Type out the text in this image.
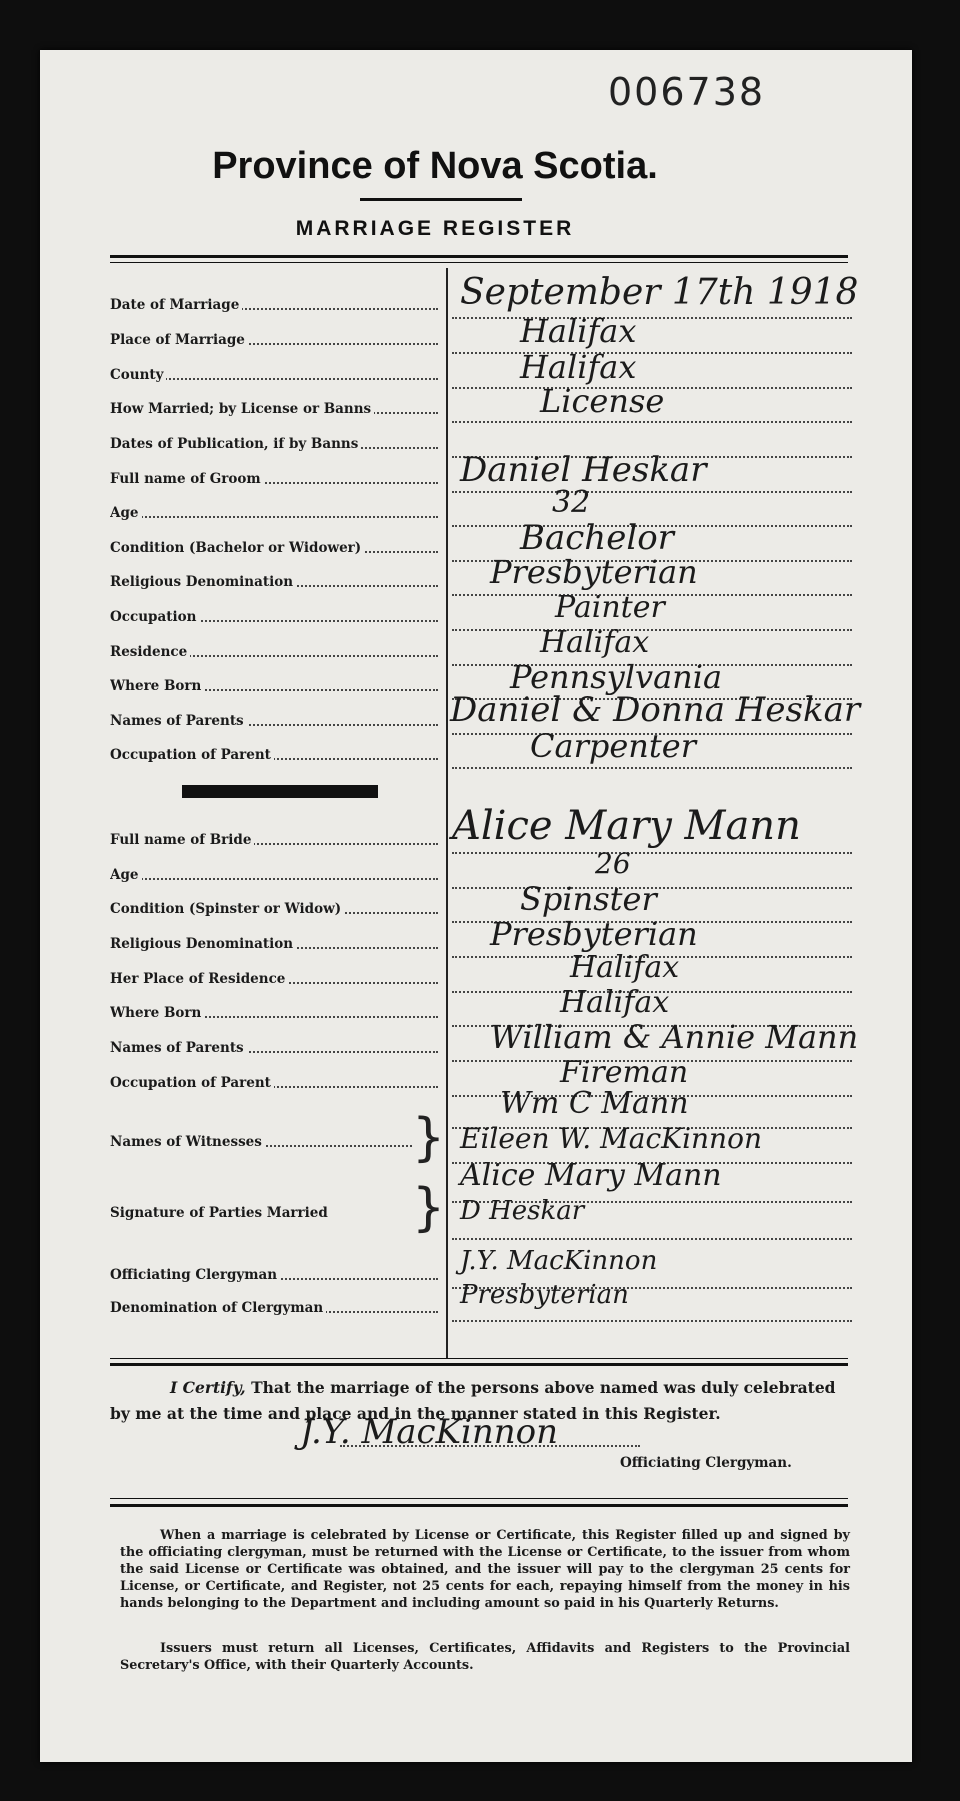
006738
Province of Nova Scotia.
MARRIAGE REGISTER
Date of Marriage	September 17th 1918
Place of Marriage	Halifax
County	Halifax
How Married; by License or Banns	License
Dates of Publication, if by Banns
Full name of Groom	Daniel Heskar
Age	32
Condition (Bachelor or Widower)	Bachelor
Religious Denomination	Presbyterian
Occupation	Painter
Residence	Halifax
Where Born	Pennsylvania
Names of Parents	Daniel & Donna Heskar
Occupation of Parent	Carpenter
Full name of Bride	Alice Mary Mann
Age	26
Condition (Spinster or Widow)	Spinster
Religious Denomination	Presbyterian
Her Place of Residence	Halifax
Where Born	Halifax
Names of Parents	William & Annie Mann
Occupation of Parent	Fireman
Names of Witnesses	}
Wm C Mann
Eileen W. MacKinnon
Signature of Parties Married	}
Alice Mary Mann
D Heskar
Officiating Clergyman	J.Y. MacKinnon
Denomination of Clergyman	Presbyterian
I Certify, That the marriage of the persons above named was duly celebrated by me at the time and place and in the manner stated in this Register.
J.Y. MacKinnon
Officiating Clergyman.
When a marriage is celebrated by License or Certificate, this Register filled up and signed by the officiating clergyman, must be returned with the License or Certificate, to the issuer from whom the said License or Certificate was obtained, and the issuer will pay to the clergyman 25 cents for License, or Certificate, and Register, not 25 cents for each, repaying himself from the money in his hands belonging to the Department and including amount so paid in his Quarterly Returns.
Issuers must return all Licenses, Certificates, Affidavits and Registers to the Provincial Secretary's Office, with their Quarterly Accounts.
